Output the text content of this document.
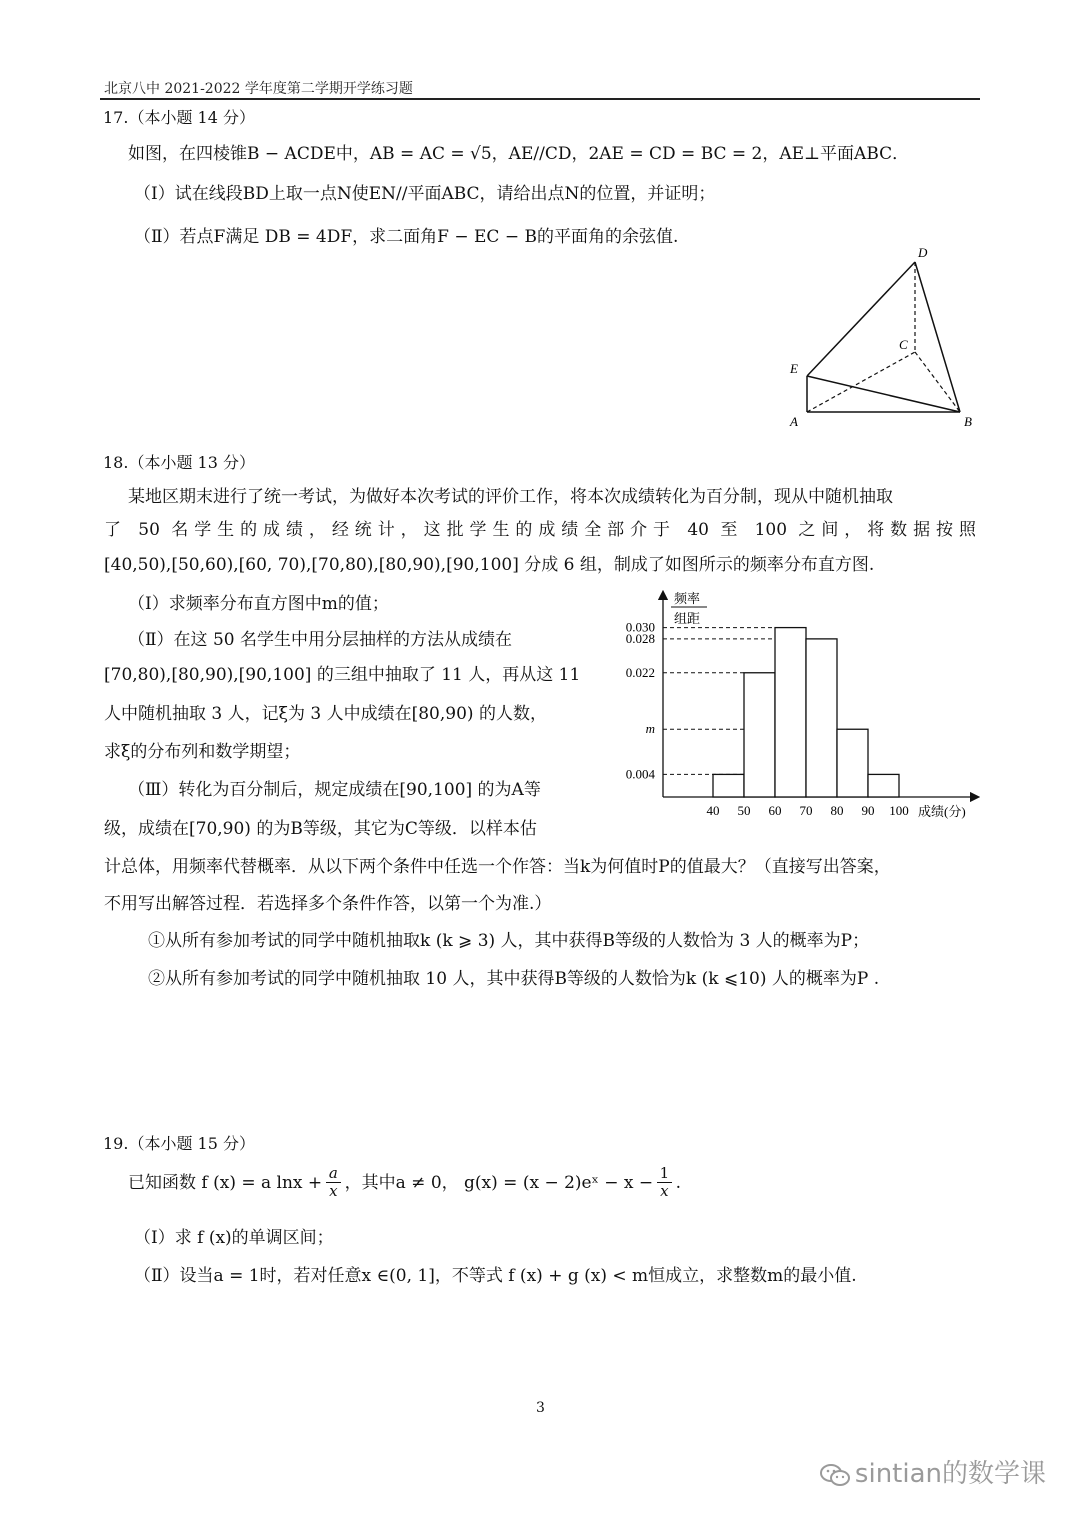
北京八中 2021-2022 学年度第二学期开学练习题
17.（本小题 14 分）
如图，在四棱锥B − ACDE中，AB = AC = √5，AE//CD，2AE = CD = BC = 2，AE⊥平面ABC．
（Ⅰ）试在线段BD上取一点N使EN//平面ABC，请给出点N的位置，并证明；
（Ⅱ）若点F满足 DB = 4DF，求二面角F − EC − B的平面角的余弦值.
D
C
E
A	B
18.（本小题 13 分）
某地区期末进行了统一考试，为做好本次考试的评价工作，将本次成绩转化为百分制，现从中随机抽取
了 50 名学生的成绩，经统计，这批学生的成绩全部介于 40 至 100 之间，将数据按照
[40,50),[50,60),[60, 70),[70,80),[80,90),[90,100] 分成 6 组，制成了如图所示的频率分布直方图.
（Ⅰ）求频率分布直方图中m的值；
（Ⅱ）在这 50 名学生中用分层抽样的方法从成绩在
[70,80),[80,90),[90,100] 的三组中抽取了 11 人，再从这 11
人中随机抽取 3 人，记ξ为 3 人中成绩在[80,90) 的人数，
求ξ的分布列和数学期望；
（Ⅲ）转化为百分制后，规定成绩在[90,100] 的为A等
级，成绩在[70,90) 的为B等级，其它为C等级．以样本估
计总体，用频率代替概率．从以下两个条件中任选一个作答：当k为何值时P的值最大？（直接写出答案，
不用写出解答过程．若选择多个条件作答，以第一个为准.）
①从所有参加考试的同学中随机抽取k (k ⩾ 3) 人，其中获得B等级的人数恰为 3 人的概率为P；
②从所有参加考试的同学中随机抽取 10 人，其中获得B等级的人数恰为k (k ⩽10) 人的概率为P .
频率
组距
成绩(分)
0.004
m
0.022
0.028
0.030
40 50 60 70 80 90 100
19.（本小题 15 分）
已知函数 f (x) = a $\ln x + \frac{a}{x}$ ，其中a ≠ 0， g(x) = (x − 2)eˣ − $x - \frac{1}{x}$ .
（Ⅰ）求 f (x)的单调区间；
（Ⅱ）设当a = 1时，若对任意x ∈(0, 1]，不等式 f (x) + g (x) < m恒成立，求整数m的最小值.
3
sintian的数学课
